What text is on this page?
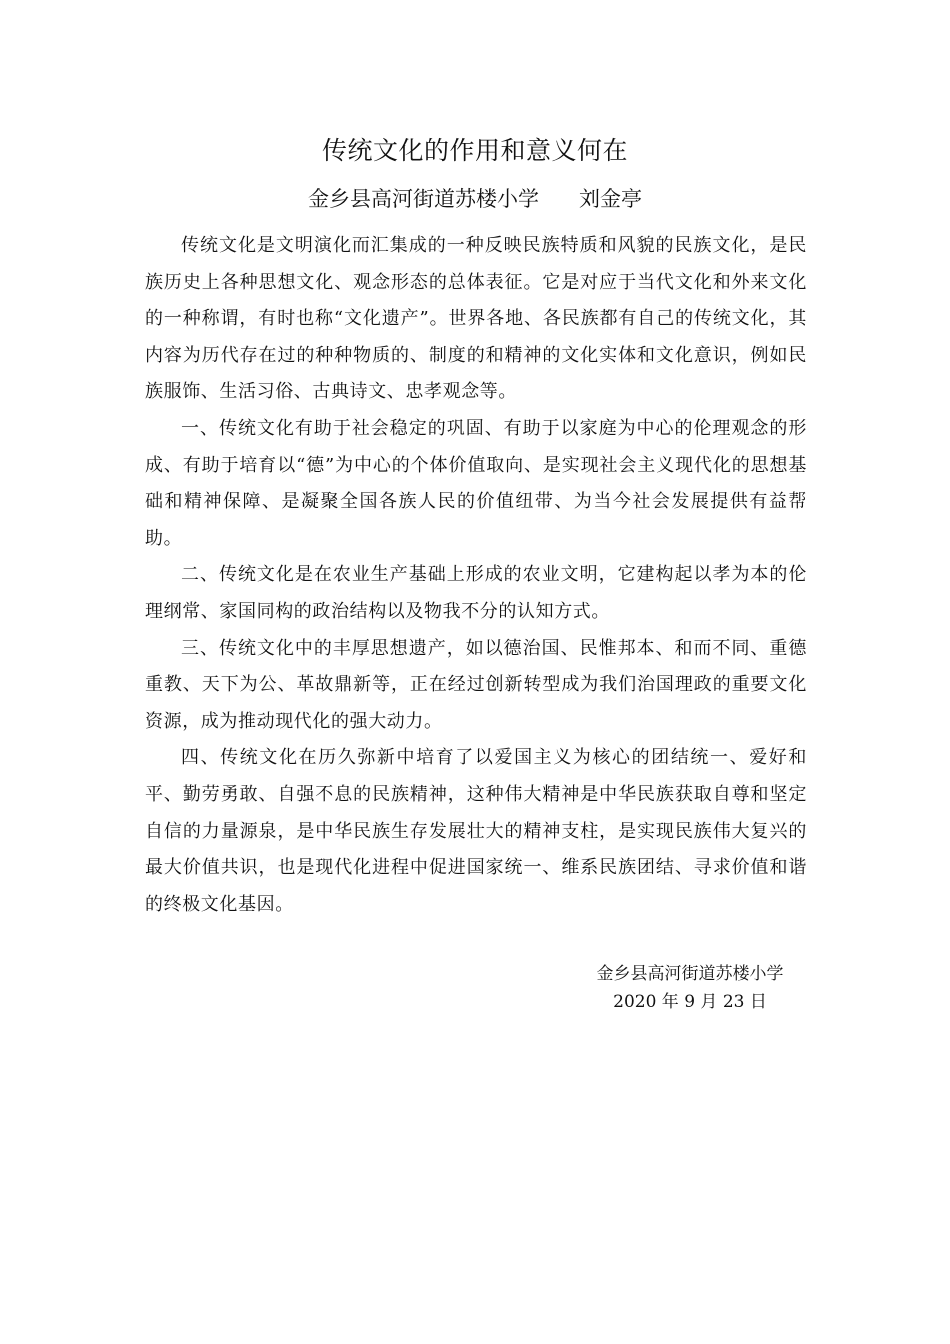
传统文化的作用和意义何在
金乡县高河街道苏楼小学 刘金亭

传统文化是文明演化而汇集成的一种反映民族特质和风貌的民族文化，是民族历史上各种思想文化、观念形态的总体表征。它是对应于当代文化和外来文化的一种称谓，有时也称“文化遗产”。世界各地、各民族都有自己的传统文化，其内容为历代存在过的种种物质的、制度的和精神的文化实体和文化意识，例如民族服饰、生活习俗、古典诗文、忠孝观念等。

一、传统文化有助于社会稳定的巩固、有助于以家庭为中心的伦理观念的形成、有助于培育以“德”为中心的个体价值取向、是实现社会主义现代化的思想基础和精神保障、是凝聚全国各族人民的价值纽带、为当今社会发展提供有益帮助。

二、传统文化是在农业生产基础上形成的农业文明，它建构起以孝为本的伦理纲常、家国同构的政治结构以及物我不分的认知方式。

三、传统文化中的丰厚思想遗产，如以德治国、民惟邦本、和而不同、重德重教、天下为公、革故鼎新等，正在经过创新转型成为我们治国理政的重要文化资源，成为推动现代化的强大动力。

四、传统文化在历久弥新中培育了以爱国主义为核心的团结统一、爱好和平、勤劳勇敢、自强不息的民族精神，这种伟大精神是中华民族获取自尊和坚定自信的力量源泉，是中华民族生存发展壮大的精神支柱，是实现民族伟大复兴的最大价值共识，也是现代化进程中促进国家统一、维系民族团结、寻求价值和谐的终极文化基因。

金乡县高河街道苏楼小学
2020 年 9 月 23 日
